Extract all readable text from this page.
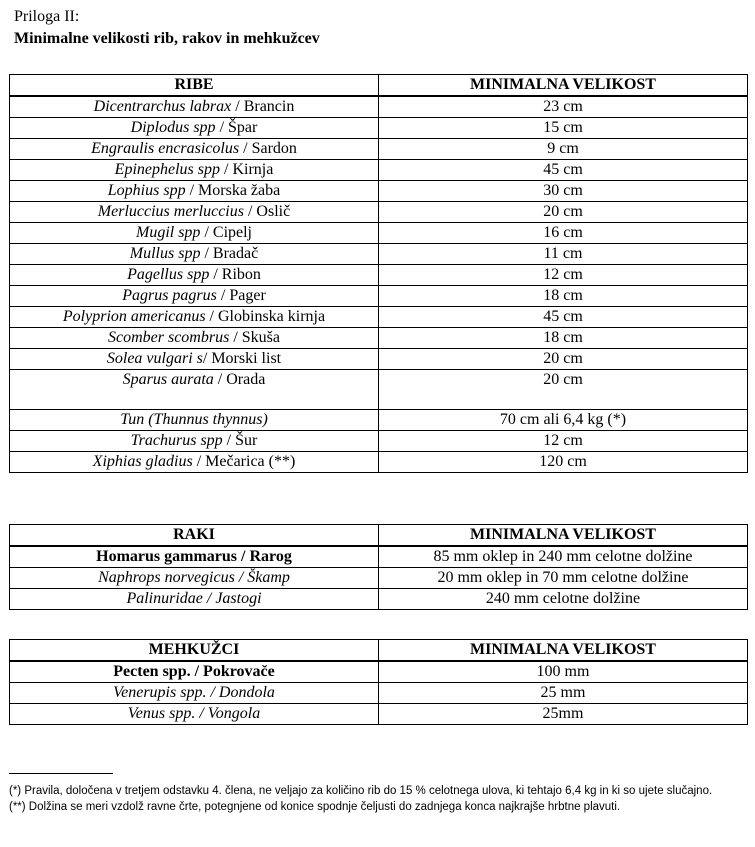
Priloga II:
Minimalne velikosti rib, rakov in mehkužcev
RIBE	MINIMALNA VELIKOST
Dicentrarchus labrax / Brancin	23 cm
Diplodus spp / Špar	15 cm
Engraulis encrasicolus / Sardon	9 cm
Epinephelus spp / Kirnja	45 cm
Lophius spp / Morska žaba	30 cm
Merluccius merluccius / Oslič	20 cm
Mugil spp / Cipelj	16 cm
Mullus spp / Bradač	11 cm
Pagellus spp / Ribon	12 cm
Pagrus pagrus / Pager	18 cm
Polyprion americanus / Globinska kirnja	45 cm
Scomber scombrus / Skuša	18 cm
Solea vulgari s/ Morski list	20 cm
Sparus aurata / Orada	20 cm
Tun (Thunnus thynnus)	70 cm ali 6,4 kg (*)
Trachurus spp / Šur	12 cm
Xiphias gladius / Mečarica (**)	120 cm
RAKI	MINIMALNA VELIKOST
Homarus gammarus / Rarog	85 mm oklep in 240 mm celotne dolžine
Naphrops norvegicus / Škamp	20 mm oklep in 70 mm celotne dolžine
Palinuridae / Jastogi	240 mm celotne dolžine
MEHKUŽCI	MINIMALNA VELIKOST
Pecten spp. / Pokrovače	100 mm
Venerupis spp. / Dondola	25 mm
Venus spp. / Vongola	25mm

(*) Pravila, določena v tretjem odstavku 4. člena, ne veljajo za količino rib do 15 % celotnega ulova, ki tehtajo 6,4 kg in ki so ujete slučajno.

(**) Dolžina se meri vzdolž ravne črte, potegnjene od konice spodnje čeljusti do zadnjega konca najkrajše hrbtne plavuti.
